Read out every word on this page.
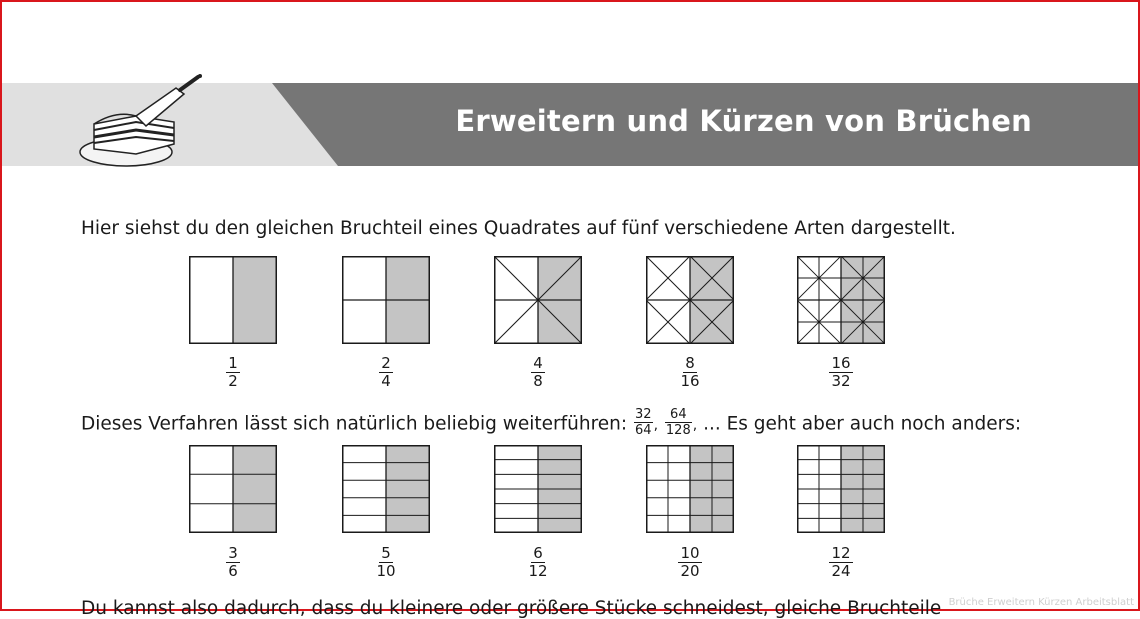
Erweitern und Kürzen von Brüchen
Hier siehst du den gleichen Bruchteil eines Quadrates auf fünf verschiedene Arten dargestellt.
$\frac{1}{2}$	$\frac{2}{4}$	$\frac{4}{8}$	$\frac{8}{16}$	$\frac{16}{32}$
Dieses Verfahren lässt sich natürlich beliebig weiterführen: $\frac{32}{64}$ , $\frac{64}{128}$ , ... Es geht aber auch noch anders:
$\frac{3}{6}$	$\frac{5}{10}$	$\frac{6}{12}$	$\frac{10}{20}$	$\frac{12}{24}$
Du kannst also dadurch, dass du kleinere oder größere Stücke schneidest, gleiche Bruchteile Brüche Erweitern Kürzen Arbeitsblatt
